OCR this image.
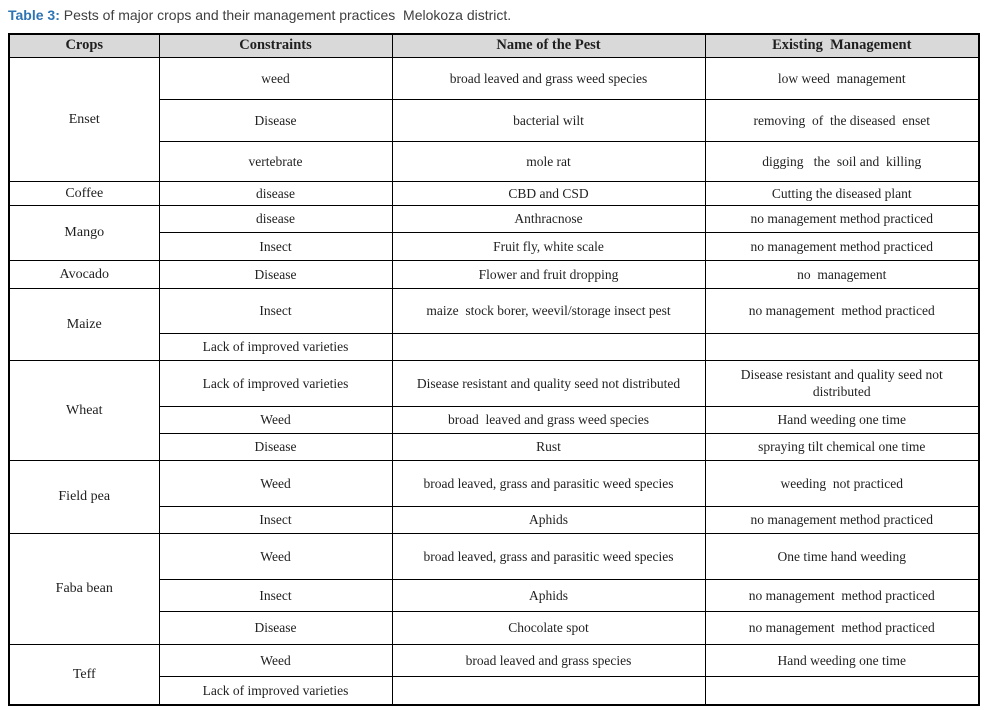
Table 3: Pests of major crops and their management practices  Melokoza district.

Crops	Constraints	Name of the Pest	Existing  Management
Enset	weed	broad leaved and grass weed species	low weed  management
	Disease	bacterial wilt	removing  of  the diseased  enset
	vertebrate	mole rat	digging   the  soil and  killing
Coffee	disease	CBD and CSD	Cutting the diseased plant
Mango	disease	Anthracnose	no management method practiced
	Insect	Fruit fly, white scale	no management method practiced
Avocado	Disease	Flower and fruit dropping	no  management
Maize	Insect	maize  stock borer, weevil/storage insect pest	no management  method practiced
	Lack of improved varieties		
Wheat	Lack of improved varieties	Disease resistant and quality seed not distributed	Disease resistant and quality seed not distributed
	Weed	broad  leaved and grass weed species	Hand weeding one time
	Disease	Rust	spraying tilt chemical one time
Field pea	Weed	broad leaved, grass and parasitic weed species	weeding  not practiced
	Insect	Aphids	no management method practiced
Faba bean	Weed	broad leaved, grass and parasitic weed species	One time hand weeding
	Insect	Aphids	no management  method practiced
	Disease	Chocolate spot	no management  method practiced
Teff	Weed	broad leaved and grass species	Hand weeding one time
	Lack of improved varieties		
